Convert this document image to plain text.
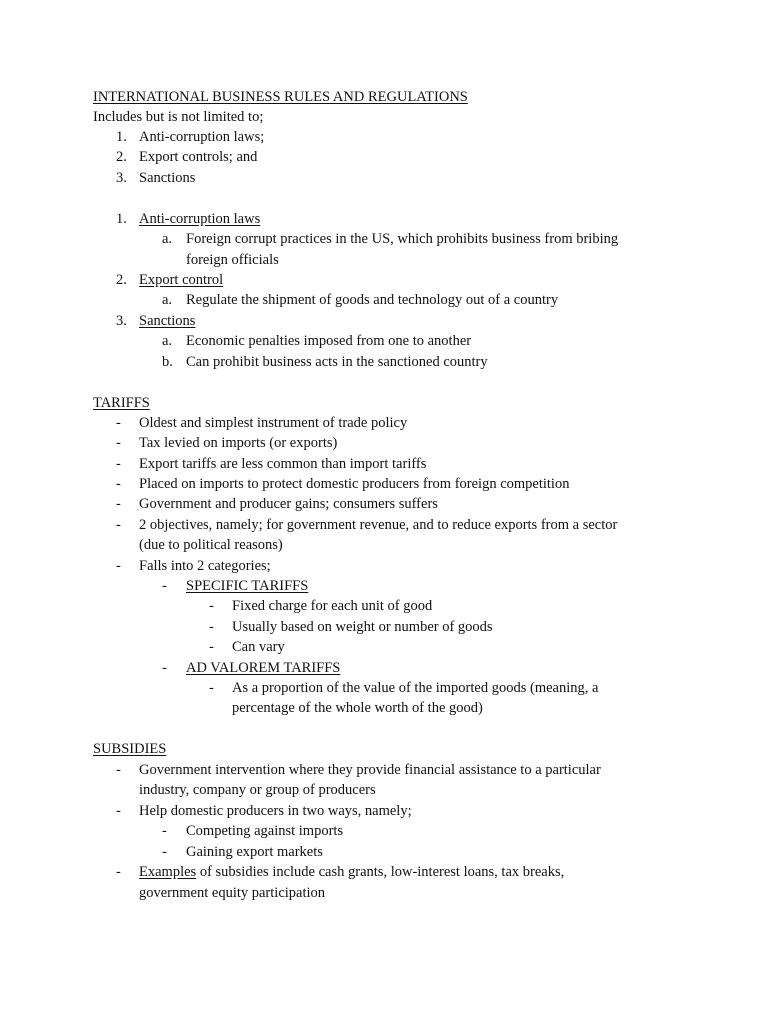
INTERNATIONAL BUSINESS RULES AND REGULATIONS
Includes but is not limited to;
1. Anti-corruption laws;
2. Export controls; and
3. Sanctions
1. Anti-corruption laws
a. Foreign corrupt practices in the US, which prohibits business from bribing
foreign officials
2. Export control
a. Regulate the shipment of goods and technology out of a country
3. Sanctions
a. Economic penalties imposed from one to another
b. Can prohibit business acts in the sanctioned country
TARIFFS
- Oldest and simplest instrument of trade policy
- Tax levied on imports (or exports)
- Export tariffs are less common than import tariffs
- Placed on imports to protect domestic producers from foreign competition
- Government and producer gains; consumers suffers
- 2 objectives, namely; for government revenue, and to reduce exports from a sector
(due to political reasons)
- Falls into 2 categories;
- SPECIFIC TARIFFS
- Fixed charge for each unit of good
- Usually based on weight or number of goods
- Can vary
- AD VALOREM TARIFFS
- As a proportion of the value of the imported goods (meaning, a
percentage of the whole worth of the good)
SUBSIDIES
- Government intervention where they provide financial assistance to a particular
industry, company or group of producers
- Help domestic producers in two ways, namely;
- Competing against imports
- Gaining export markets
- Examples of subsidies include cash grants, low-interest loans, tax breaks,
government equity participation
